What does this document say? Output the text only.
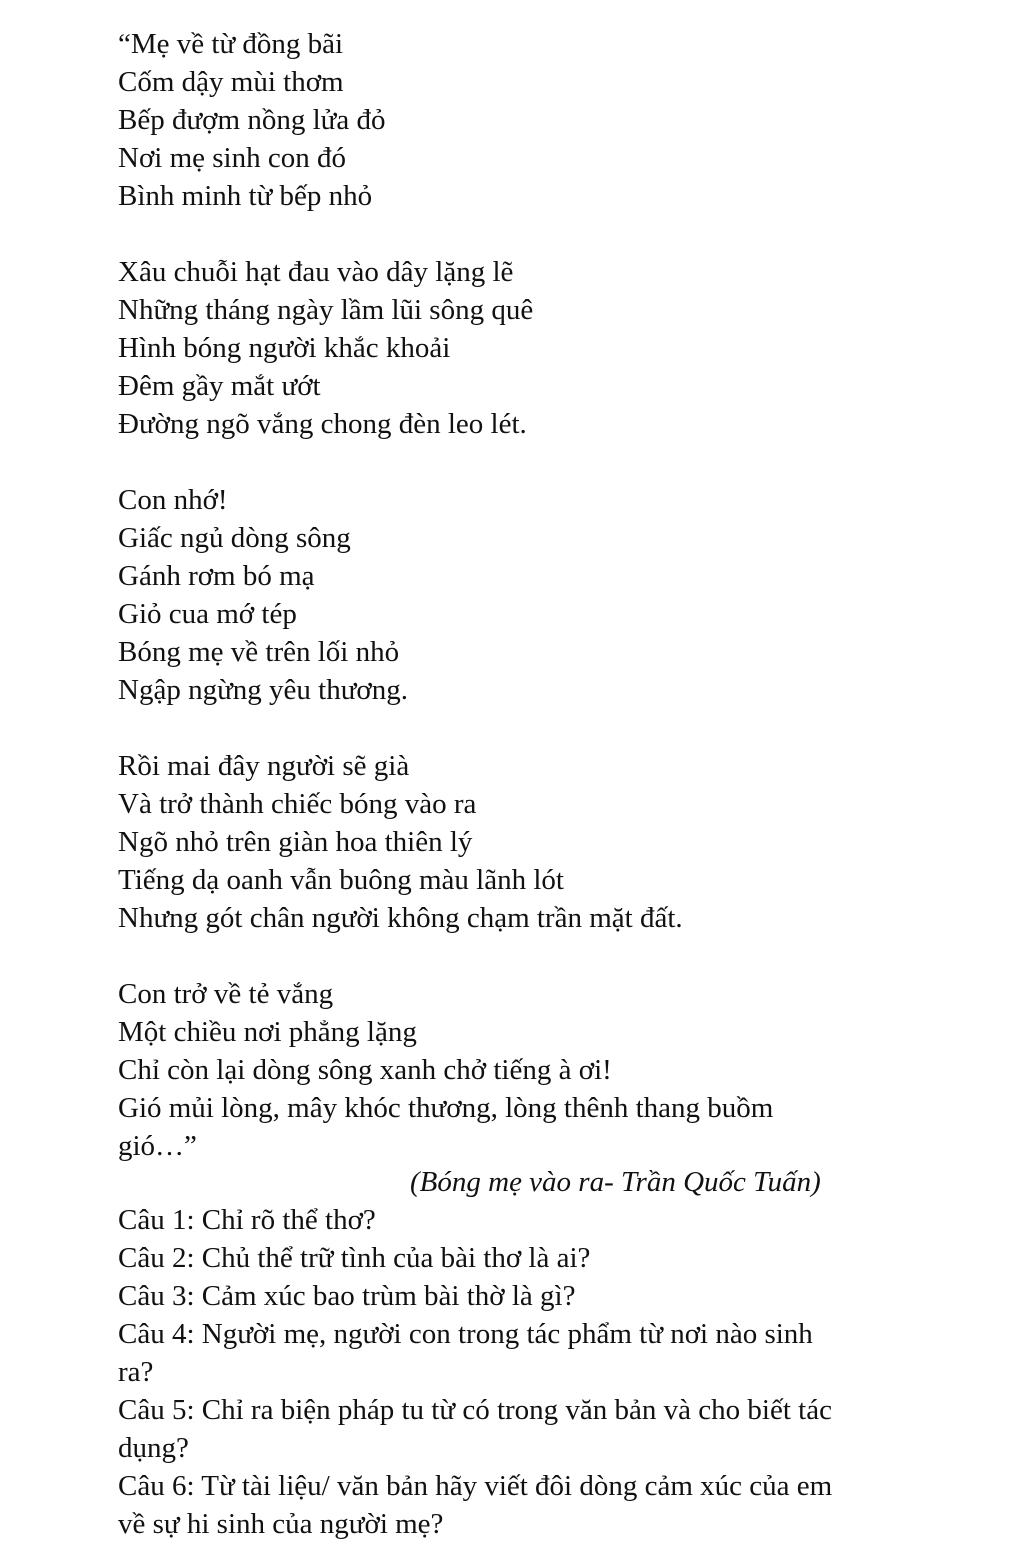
“Mẹ về từ đồng bãi
Cốm dậy mùi thơm
Bếp đượm nồng lửa đỏ
Nơi mẹ sinh con đó
Bình minh từ bếp nhỏ
Xâu chuỗi hạt đau vào dây lặng lẽ
Những tháng ngày lầm lũi sông quê
Hình bóng người khắc khoải
Đêm gầy mắt ướt
Đường ngõ vắng chong đèn leo lét.
Con nhớ!
Giấc ngủ dòng sông
Gánh rơm bó mạ
Giỏ cua mớ tép
Bóng mẹ về trên lối nhỏ
Ngập ngừng yêu thương.
Rồi mai đây người sẽ già
Và trở thành chiếc bóng vào ra
Ngõ nhỏ trên giàn hoa thiên lý
Tiếng dạ oanh vẫn buông màu lãnh lót
Nhưng gót chân người không chạm trần mặt đất.
Con trở về tẻ vắng
Một chiều nơi phẳng lặng
Chỉ còn lại dòng sông xanh chở tiếng à ơi!
Gió mủi lòng, mây khóc thương, lòng thênh thang buồm
gió…”
(Bóng mẹ vào ra- Trần Quốc Tuấn)
Câu 1: Chỉ rõ thể thơ?
Câu 2: Chủ thể trữ tình của bài thơ là ai?
Câu 3: Cảm xúc bao trùm bài thờ là gì?
Câu 4: Người mẹ, người con trong tác phẩm từ nơi nào sinh
ra?
Câu 5: Chỉ ra biện pháp tu từ có trong văn bản và cho biết tác
dụng?
Câu 6: Từ tài liệu/ văn bản hãy viết đôi dòng cảm xúc của em
về sự hi sinh của người mẹ?
